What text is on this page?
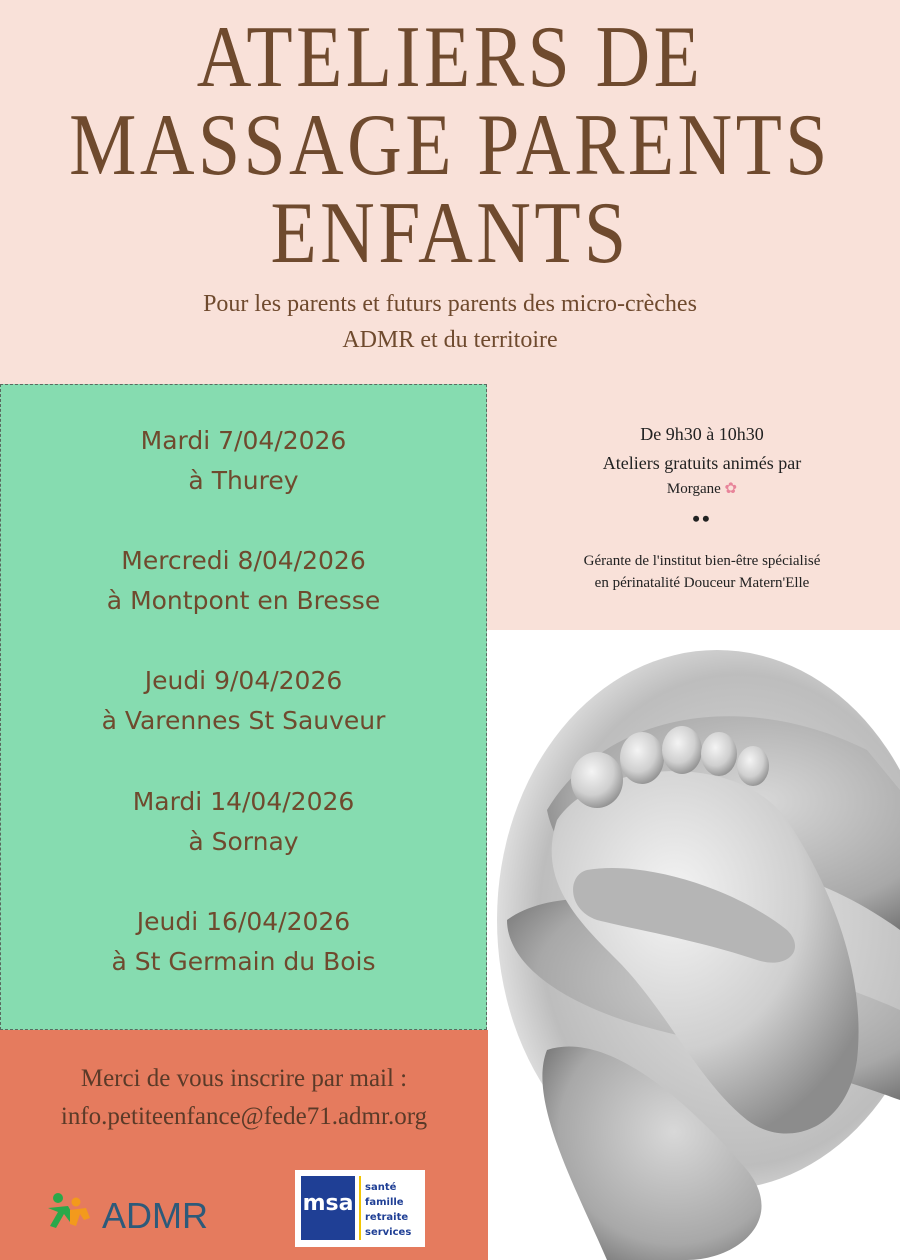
ATELIERS DE
MASSAGE PARENTS
ENFANTS
Pour les parents et futurs parents des micro-crèches
ADMR et du territoire
Mardi 7/04/2026
à Thurey
Mercredi 8/04/2026
à Montpont en Bresse
Jeudi 9/04/2026
à Varennes St Sauveur
Mardi 14/04/2026
à Sornay
Jeudi 16/04/2026
à St Germain du Bois
De 9h30 à 10h30
Ateliers gratuits animés par
Morgane ✿
••
Gérante de l'institut bien-être spécialisé
en périnatalité Douceur Matern'Elle
Merci de vous inscrire par mail :
info.petiteenfance@fede71.admr.org
ADMR	msa
santé
famille
retraite
services
